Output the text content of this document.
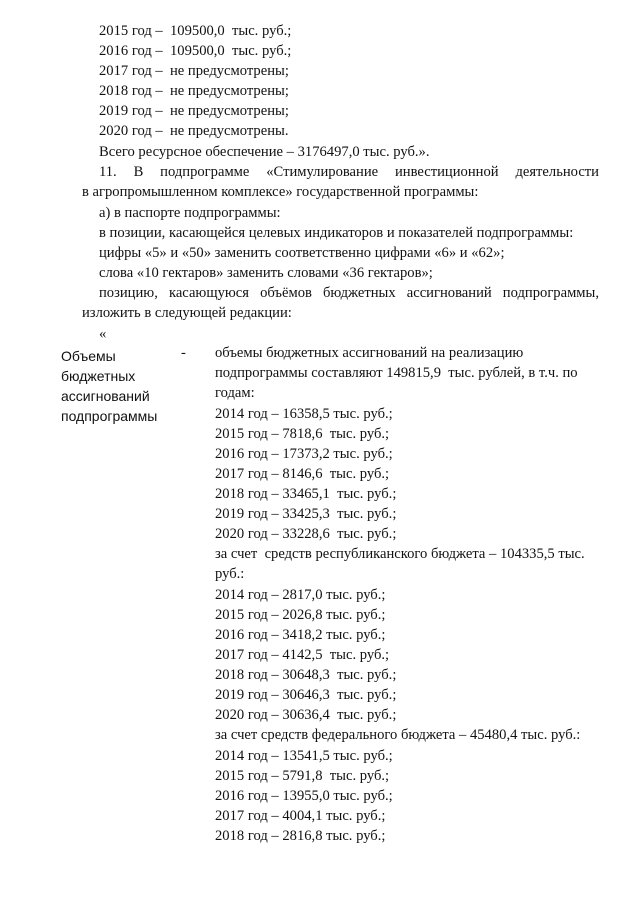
2015 год –  109500,0  тыс. руб.;
2016 год –  109500,0  тыс. руб.;
2017 год –  не предусмотрены;
2018 год –  не предусмотрены;
2019 год –  не предусмотрены;
2020 год –  не предусмотрены.
Всего ресурсное обеспечение – 3176497,0 тыс. руб.».
11. В подпрограмме «Стимулирование инвестиционной деятельности
в агропромышленном комплексе» государственной программы:
а) в паспорте подпрограммы:
в позиции, касающейся целевых индикаторов и показателей подпрограммы:
цифры «5» и «50» заменить соответственно цифрами «6» и «62»;
слова «10 гектаров» заменить словами «36 гектаров»;
позицию, касающуюся объёмов бюджетных ассигнований подпрограммы,
изложить в следующей редакции:
«
Объемы
бюджетных
ассигнований
подпрограммы
- объемы бюджетных ассигнований на реализацию
подпрограммы составляют 149815,9  тыс. рублей, в т.ч. по
годам:
2014 год – 16358,5 тыс. руб.;
2015 год – 7818,6  тыс. руб.;
2016 год – 17373,2 тыс. руб.;
2017 год – 8146,6  тыс. руб.;
2018 год – 33465,1  тыс. руб.;
2019 год – 33425,3  тыс. руб.;
2020 год – 33228,6  тыс. руб.;
за счет  средств республиканского бюджета – 104335,5 тыс.
руб.:
2014 год – 2817,0 тыс. руб.;
2015 год – 2026,8 тыс. руб.;
2016 год – 3418,2 тыс. руб.;
2017 год – 4142,5  тыс. руб.;
2018 год – 30648,3  тыс. руб.;
2019 год – 30646,3  тыс. руб.;
2020 год – 30636,4  тыс. руб.;
за счет средств федерального бюджета – 45480,4 тыс. руб.:
2014 год – 13541,5 тыс. руб.;
2015 год – 5791,8  тыс. руб.;
2016 год – 13955,0 тыс. руб.;
2017 год – 4004,1 тыс. руб.;
2018 год – 2816,8 тыс. руб.;
